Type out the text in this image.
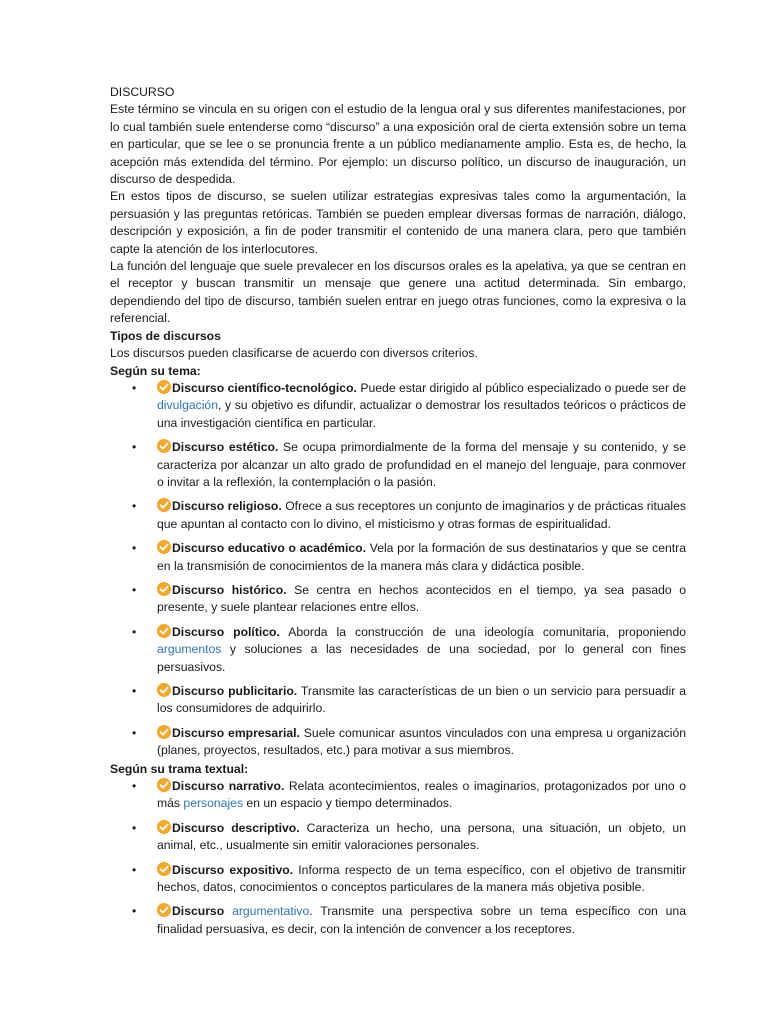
DISCURSO

Este término se vincula en su origen con el estudio de la lengua oral y sus diferentes manifestaciones, por lo cual también suele entenderse como “discurso” a una exposición oral de cierta extensión sobre un tema en particular, que se lee o se pronuncia frente a un público medianamente amplio. Esta es, de hecho, la acepción más extendida del término. Por ejemplo: un discurso político, un discurso de inauguración, un discurso de despedida.

En estos tipos de discurso, se suelen utilizar estrategias expresivas tales como la argumentación, la persuasión y las preguntas retóricas. También se pueden emplear diversas formas de narración, diálogo, descripción y exposición, a fin de poder transmitir el contenido de una manera clara, pero que también capte la atención de los interlocutores.

La función del lenguaje que suele prevalecer en los discursos orales es la apelativa, ya que se centran en el receptor y buscan transmitir un mensaje que genere una actitud determinada. Sin embargo, dependiendo del tipo de discurso, también suelen entrar en juego otras funciones, como la expresiva o la referencial.

Tipos de discursos

Los discursos pueden clasificarse de acuerdo con diversos criterios.

Según su tema:

•	Discurso científico-tecnológico. Puede estar dirigido al público especializado o puede ser de divulgación, y su objetivo es difundir, actualizar o demostrar los resultados teóricos o prácticos de una investigación científica en particular.
•	Discurso estético. Se ocupa primordialmente de la forma del mensaje y su contenido, y se caracteriza por alcanzar un alto grado de profundidad en el manejo del lenguaje, para conmover o invitar a la reflexión, la contemplación o la pasión.
•	Discurso religioso. Ofrece a sus receptores un conjunto de imaginarios y de prácticas rituales que apuntan al contacto con lo divino, el misticismo y otras formas de espiritualidad.
•	Discurso educativo o académico. Vela por la formación de sus destinatarios y que se centra en la transmisión de conocimientos de la manera más clara y didáctica posible.
•	Discurso histórico. Se centra en hechos acontecidos en el tiempo, ya sea pasado o presente, y suele plantear relaciones entre ellos.
•	Discurso político. Aborda la construcción de una ideología comunitaria, proponiendo argumentos y soluciones a las necesidades de una sociedad, por lo general con fines persuasivos.
•	Discurso publicitario. Transmite las características de un bien o un servicio para persuadir a los consumidores de adquirirlo.
•	Discurso empresarial. Suele comunicar asuntos vinculados con una empresa u organización (planes, proyectos, resultados, etc.) para motivar a sus miembros.

Según su trama textual:

•	Discurso narrativo. Relata acontecimientos, reales o imaginarios, protagonizados por uno o más personajes en un espacio y tiempo determinados.
•	Discurso descriptivo. Caracteriza un hecho, una persona, una situación, un objeto, un animal, etc., usualmente sin emitir valoraciones personales.
•	Discurso expositivo. Informa respecto de un tema específico, con el objetivo de transmitir hechos, datos, conocimientos o conceptos particulares de la manera más objetiva posible.
•	Discurso argumentativo. Transmite una perspectiva sobre un tema específico con una finalidad persuasiva, es decir, con la intención de convencer a los receptores.
